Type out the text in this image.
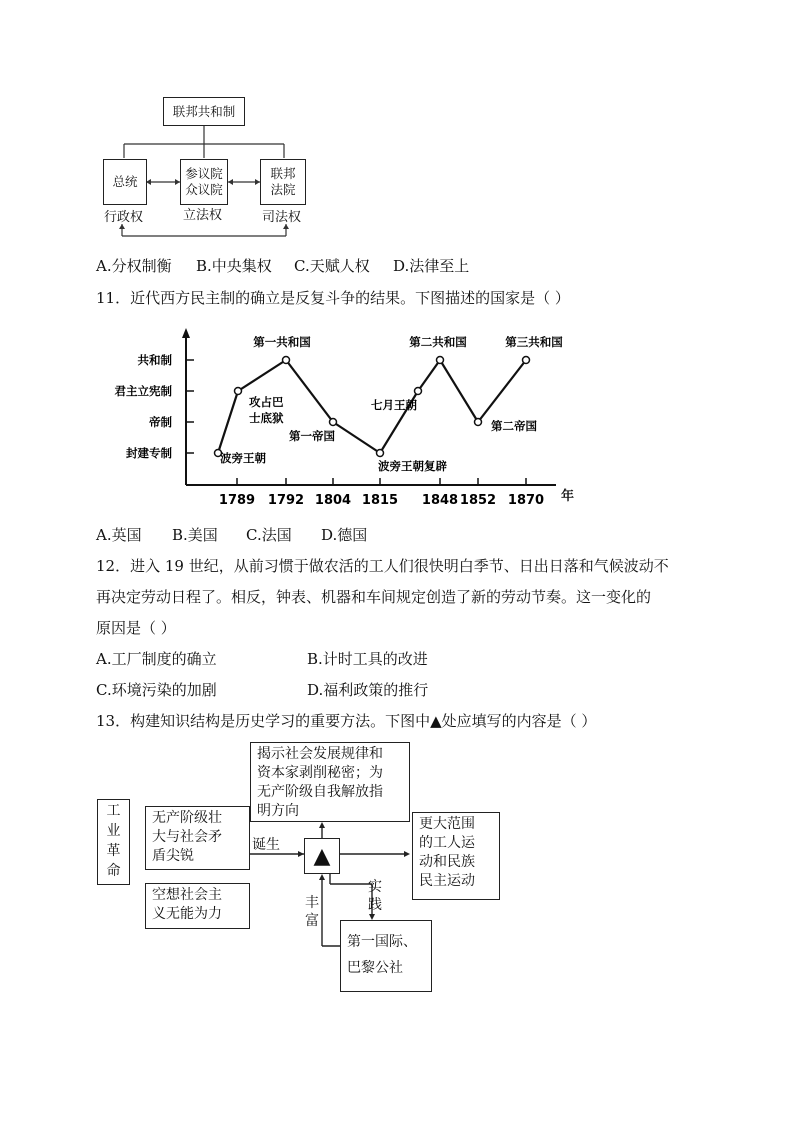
联邦共和制
总统
参议院
众议院
联邦
法院
行政权	立法权	司法权
A.分权制衡 B.中央集权 C.天赋人权 D.法律至上
11．近代西方民主制的确立是反复斗争的结果。下图描述的国家是（ ）
封建专制
帝制
君主立宪制
共和制
1789 1792 1804 1815 1848 1852 1870
波旁王朝
第一共和国
第一帝国
波旁王朝复辟
七月王朝
第二共和国
第二帝国
第三共和国
攻占巴
士底狱
年
A.英国 B.美国 C.法国 D.德国
12．进入 19 世纪，从前习惯于做农活的工人们很快明白季节、日出日落和气候波动不
再决定劳动日程了。相反，钟表、机器和车间规定创造了新的劳动节奏。这一变化的
原因是（ ）
A.工厂制度的确立	B.计时工具的改进
C.环境污染的加剧	D.福利政策的推行
13．构建知识结构是历史学习的重要方法。下图中▲处应填写的内容是（ ）
工
业
革
命
无产阶级壮
大与社会矛
盾尖锐
空想社会主
义无能为力
揭示社会发展规律和
资本家剥削秘密；为
无产阶级自我解放指
明方向
▲
更大范围
的工人运
动和民族
民主运动
第一国际、
巴黎公社
诞生
实
践
丰
富
